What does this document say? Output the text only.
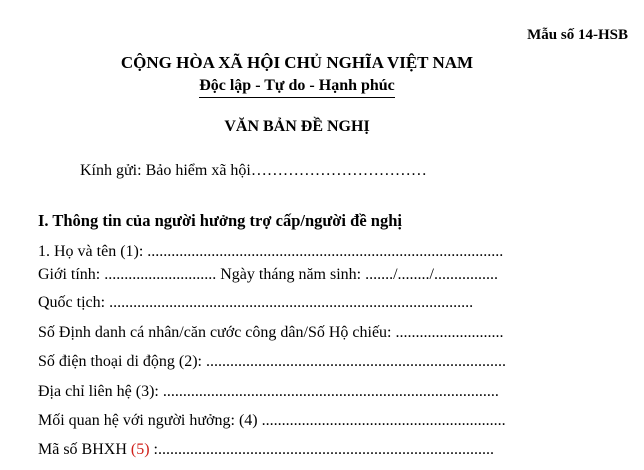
Mẫu số 14-HSB
CỘNG HÒA XÃ HỘI CHỦ NGHĨA VIỆT NAM
Độc lập - Tự do - Hạnh phúc
VĂN BẢN ĐỀ NGHỊ
Kính gửi: Bảo hiểm xã hội……………………………
I. Thông tin của người hưởng trợ cấp/người đề nghị
1. Họ và tên (1): .........................................................................................
Giới tính: ............................ Ngày tháng năm sinh: ......./......../................
Quốc tịch: ...........................................................................................
Số Định danh cá nhân/căn cước công dân/Số Hộ chiếu: ...........................
Số điện thoại di động (2): ...........................................................................
Địa chỉ liên hệ (3): ....................................................................................
Mối quan hệ với người hưởng: (4) .............................................................
Mã số BHXH (5) :....................................................................................
